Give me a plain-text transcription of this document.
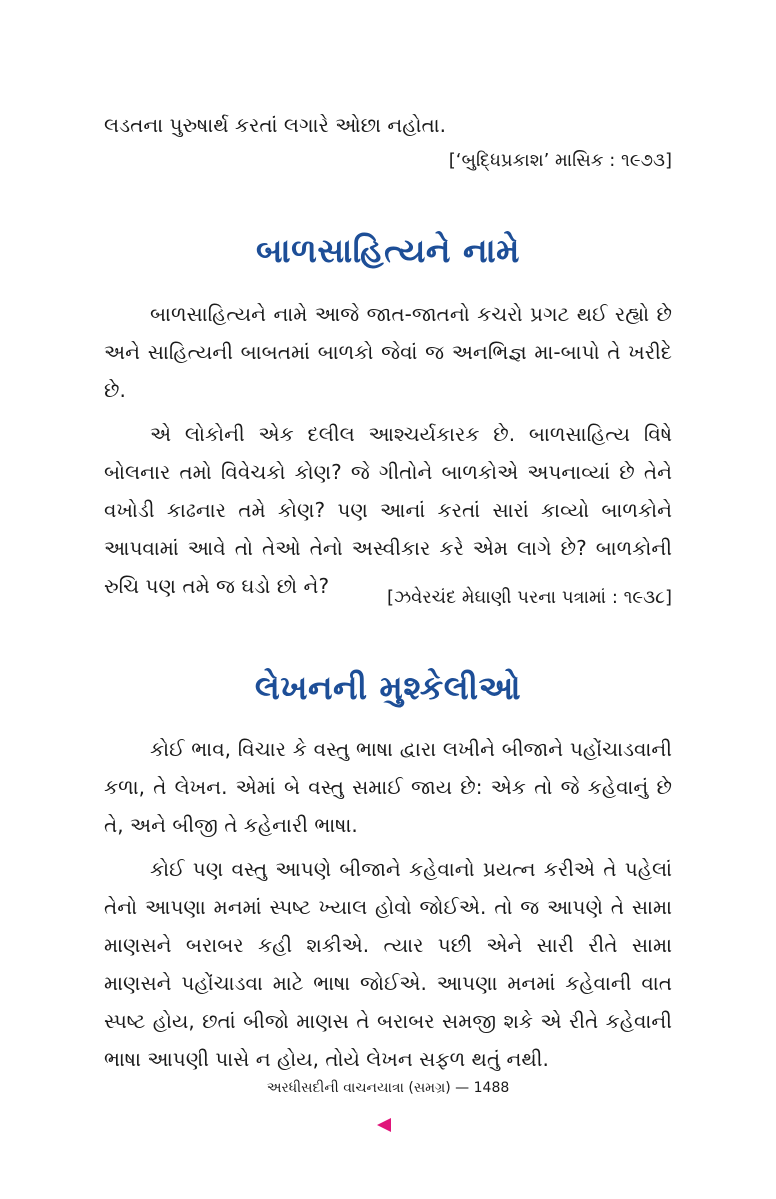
લડતના પુરુષાર્થ કરતાં લગારે ઓછા નહોતા.

[‘બુદ્ધિપ્રકાશ’ માસિક : ૧૯૭૩]

બાળસાહિત્યને નામે

બાળસાહિત્યને નામે આજે જાત-જાતનો કચરો પ્રગટ થઈ રહ્યો છે અને સાહિત્યની બાબતમાં બાળકો જેવાં જ અનભિજ્ઞ મા-બાપો તે ખરીદે છે.

એ લોકોની એક દલીલ આશ્ચર્યકારક છે. બાળસાહિત્ય વિષે બોલનાર તમો વિવેચકો કોણ? જે ગીતોને બાળકોએ અપનાવ્યાં છે તેને વખોડી કાઢનાર તમે કોણ? પણ આનાં કરતાં સારાં કાવ્યો બાળકોને આપવામાં આવે તો તેઓ તેનો અસ્વીકાર કરે એમ લાગે છે? બાળકોની રુચિ પણ તમે જ ઘડો છો ને?	[ઝવેરચંદ મેઘાણી પરના પત્રામાં : ૧૯૩૮]

લેખનની મુશ્કેલીઓ

કોઈ ભાવ, વિચાર કે વસ્તુ ભાષા દ્વારા લખીને બીજાને પહોંચાડવાની કળા, તે લેખન. એમાં બે વસ્તુ સમાઈ જાય છે: એક તો જે કહેવાનું છે તે, અને બીજી તે કહેનારી ભાષા.

કોઈ પણ વસ્તુ આપણે બીજાને કહેવાનો પ્રયત્ન કરીએ તે પહેલાં તેનો આપણા મનમાં સ્પષ્ટ ખ્યાલ હોવો જોઈએ. તો જ આપણે તે સામા માણસને બરાબર કહી શકીએ. ત્યાર પછી એને સારી રીતે સામા માણસને પહોંચાડવા માટે ભાષા જોઈએ. આપણા મનમાં કહેવાની વાત સ્પષ્ટ હોય, છતાં બીજો માણસ તે બરાબર સમજી શકે એ રીતે કહેવાની ભાષા આપણી પાસે ન હોય, તોયે લેખન સફળ થતું નથી.

અરધીસદીની વાચનયાત્રા (સમગ્ર) — 1488
